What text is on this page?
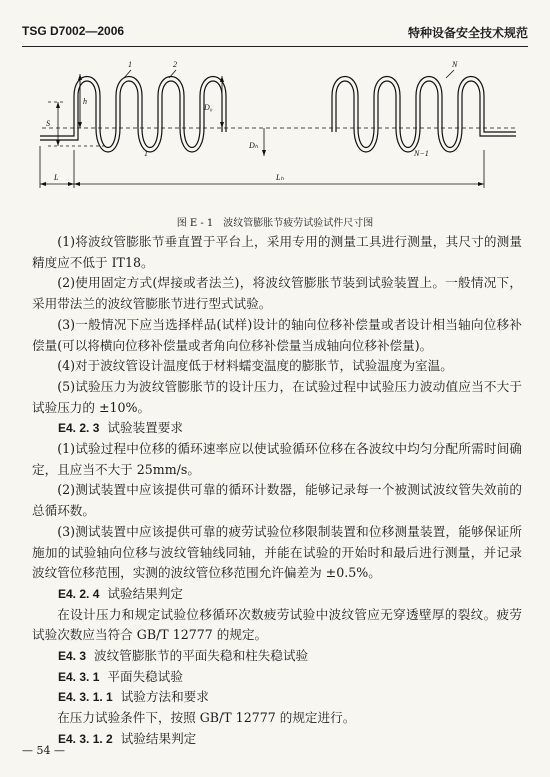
TSG D7002—2006	特种设备安全技术规范
1	2	N
1	N−1
h
S
D₀
Dₕ
L	Lₕ
图 E - 1　波纹管膨胀节疲劳试验试件尺寸图

(1)将波纹管膨胀节垂直置于平台上，采用专用的测量工具进行测量，其尺寸的测量精度应不低于 IT18。

(2)使用固定方式(焊接或者法兰)，将波纹管膨胀节装到试验装置上。一般情况下，采用带法兰的波纹管膨胀节进行型式试验。

(3)一般情况下应当选择样品(试样)设计的轴向位移补偿量或者设计相当轴向位移补偿量(可以将横向位移补偿量或者角向位移补偿量当成轴向位移补偿量)。

(4)对于波纹管设计温度低于材料蠕变温度的膨胀节，试验温度为室温。

(5)试验压力为波纹管膨胀节的设计压力，在试验过程中试验压力波动值应当不大于试验压力的 ±10%。

E4. 2. 3 试验装置要求

(1)试验过程中位移的循环速率应以使试验循环位移在各波纹中均匀分配所需时间确定，且应当不大于 25mm/s。

(2)测试装置中应该提供可靠的循环计数器，能够记录每一个被测试波纹管失效前的总循环数。

(3)测试装置中应该提供可靠的疲劳试验位移限制装置和位移测量装置，能够保证所施加的试验轴向位移与波纹管轴线同轴，并能在试验的开始时和最后进行测量，并记录波纹管位移范围，实测的波纹管位移范围允许偏差为 ±0.5%。

E4. 2. 4 试验结果判定

在设计压力和规定试验位移循环次数疲劳试验中波纹管应无穿透壁厚的裂纹。疲劳试验次数应当符合 GB/T 12777 的规定。

E4. 3 波纹管膨胀节的平面失稳和柱失稳试验

E4. 3. 1 平面失稳试验

E4. 3. 1. 1 试验方法和要求

在压力试验条件下，按照 GB/T 12777 的规定进行。

E4. 3. 1. 2 试验结果判定

— 54 —
